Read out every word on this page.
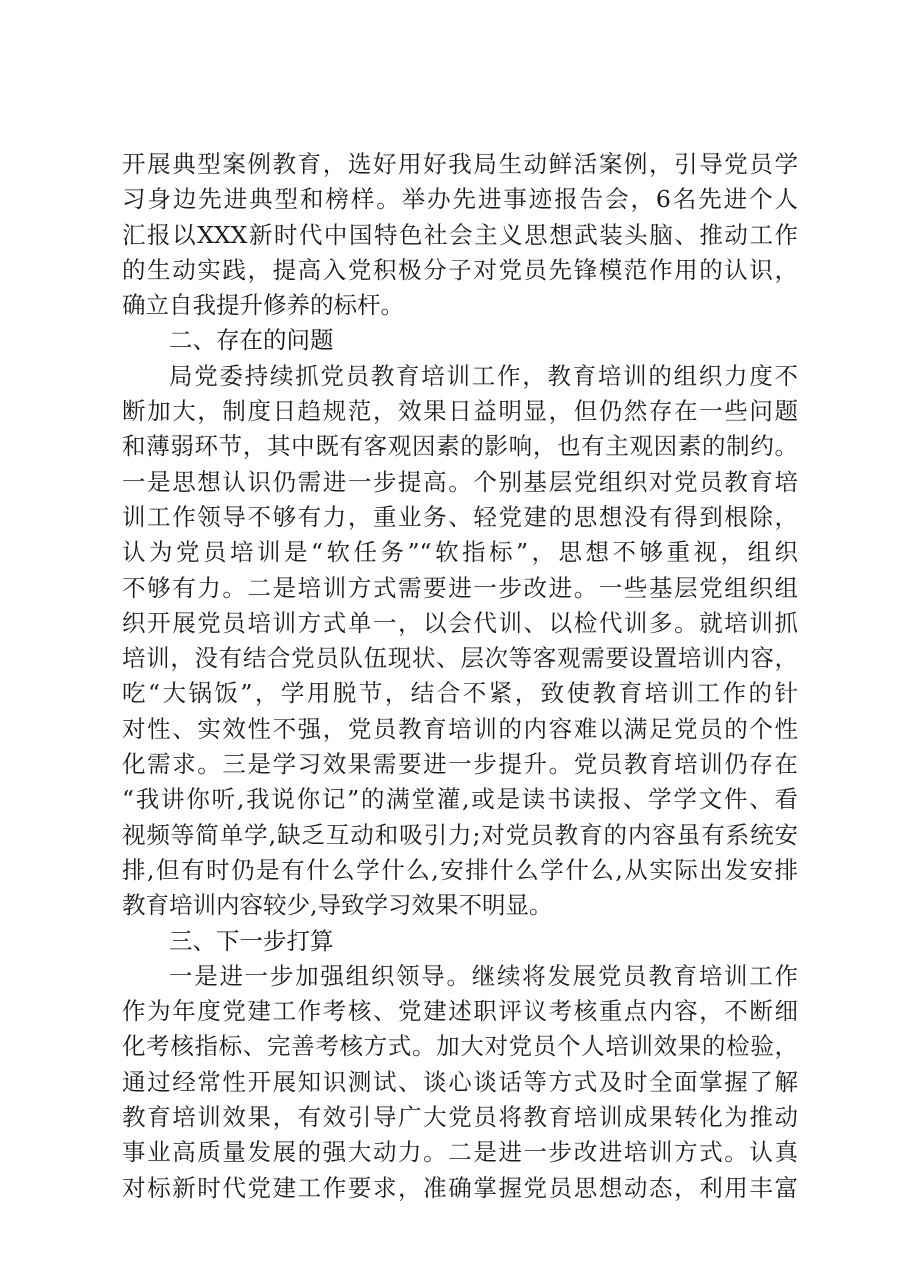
开展典型案例教育，选好用好我局生动鲜活案例，引导党员学
习身边先进典型和榜样。举办先进事迹报告会，6名先进个人
汇报以XXX新时代中国特色社会主义思想武装头脑、推动工作
的生动实践，提高入党积极分子对党员先锋模范作用的认识，
确立自我提升修养的标杆。
二、存在的问题
局党委持续抓党员教育培训工作，教育培训的组织力度不
断加大，制度日趋规范，效果日益明显，但仍然存在一些问题
和薄弱环节，其中既有客观因素的影响，也有主观因素的制约。
一是思想认识仍需进一步提高。个别基层党组织对党员教育培
训工作领导不够有力，重业务、轻党建的思想没有得到根除，
认为党员培训是“软任务”“软指标”，思想不够重视，组织
不够有力。二是培训方式需要进一步改进。一些基层党组织组
织开展党员培训方式单一，以会代训、以检代训多。就培训抓
培训，没有结合党员队伍现状、层次等客观需要设置培训内容，
吃“大锅饭”，学用脱节，结合不紧，致使教育培训工作的针
对性、实效性不强，党员教育培训的内容难以满足党员的个性
化需求。三是学习效果需要进一步提升。党员教育培训仍存在
“我讲你听,我说你记”的满堂灌,或是读书读报、学学文件、看
视频等简单学,缺乏互动和吸引力;对党员教育的内容虽有系统安
排,但有时仍是有什么学什么,安排什么学什么,从实际出发安排
教育培训内容较少,导致学习效果不明显。
三、下一步打算
一是进一步加强组织领导。继续将发展党员教育培训工作
作为年度党建工作考核、党建述职评议考核重点内容，不断细
化考核指标、完善考核方式。加大对党员个人培训效果的检验，
通过经常性开展知识测试、谈心谈话等方式及时全面掌握了解
教育培训效果，有效引导广大党员将教育培训成果转化为推动
事业高质量发展的强大动力。二是进一步改进培训方式。认真
对标新时代党建工作要求，准确掌握党员思想动态，利用丰富
